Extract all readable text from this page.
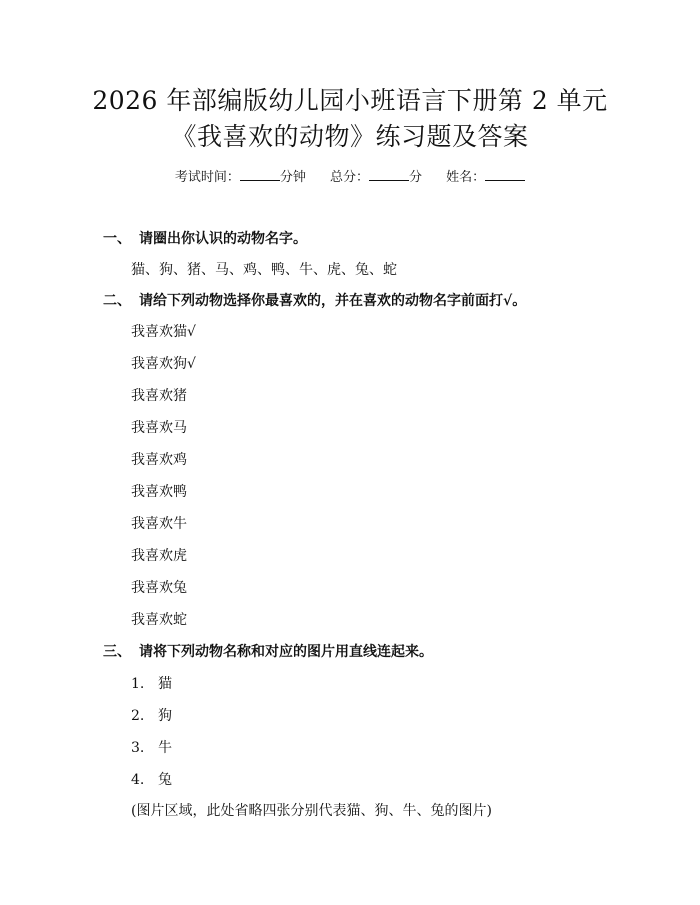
2026 年部编版幼儿园小班语言下册第 2 单元
《我喜欢的动物》练习题及答案
考试时间：	分钟 总分：	分 姓名：
一、 请圈出你认识的动物名字。
猫、狗、猪、马、鸡、鸭、牛、虎、兔、蛇
二、 请给下列动物选择你最喜欢的，并在喜欢的动物名字前面打√。
我喜欢猫√
我喜欢狗√
我喜欢猪
我喜欢马
我喜欢鸡
我喜欢鸭
我喜欢牛
我喜欢虎
我喜欢兔
我喜欢蛇
三、 请将下列动物名称和对应的图片用直线连起来。
1. 猫
2. 狗
3. 牛
4. 兔
(图片区域，此处省略四张分别代表猫、狗、牛、兔的图片)
